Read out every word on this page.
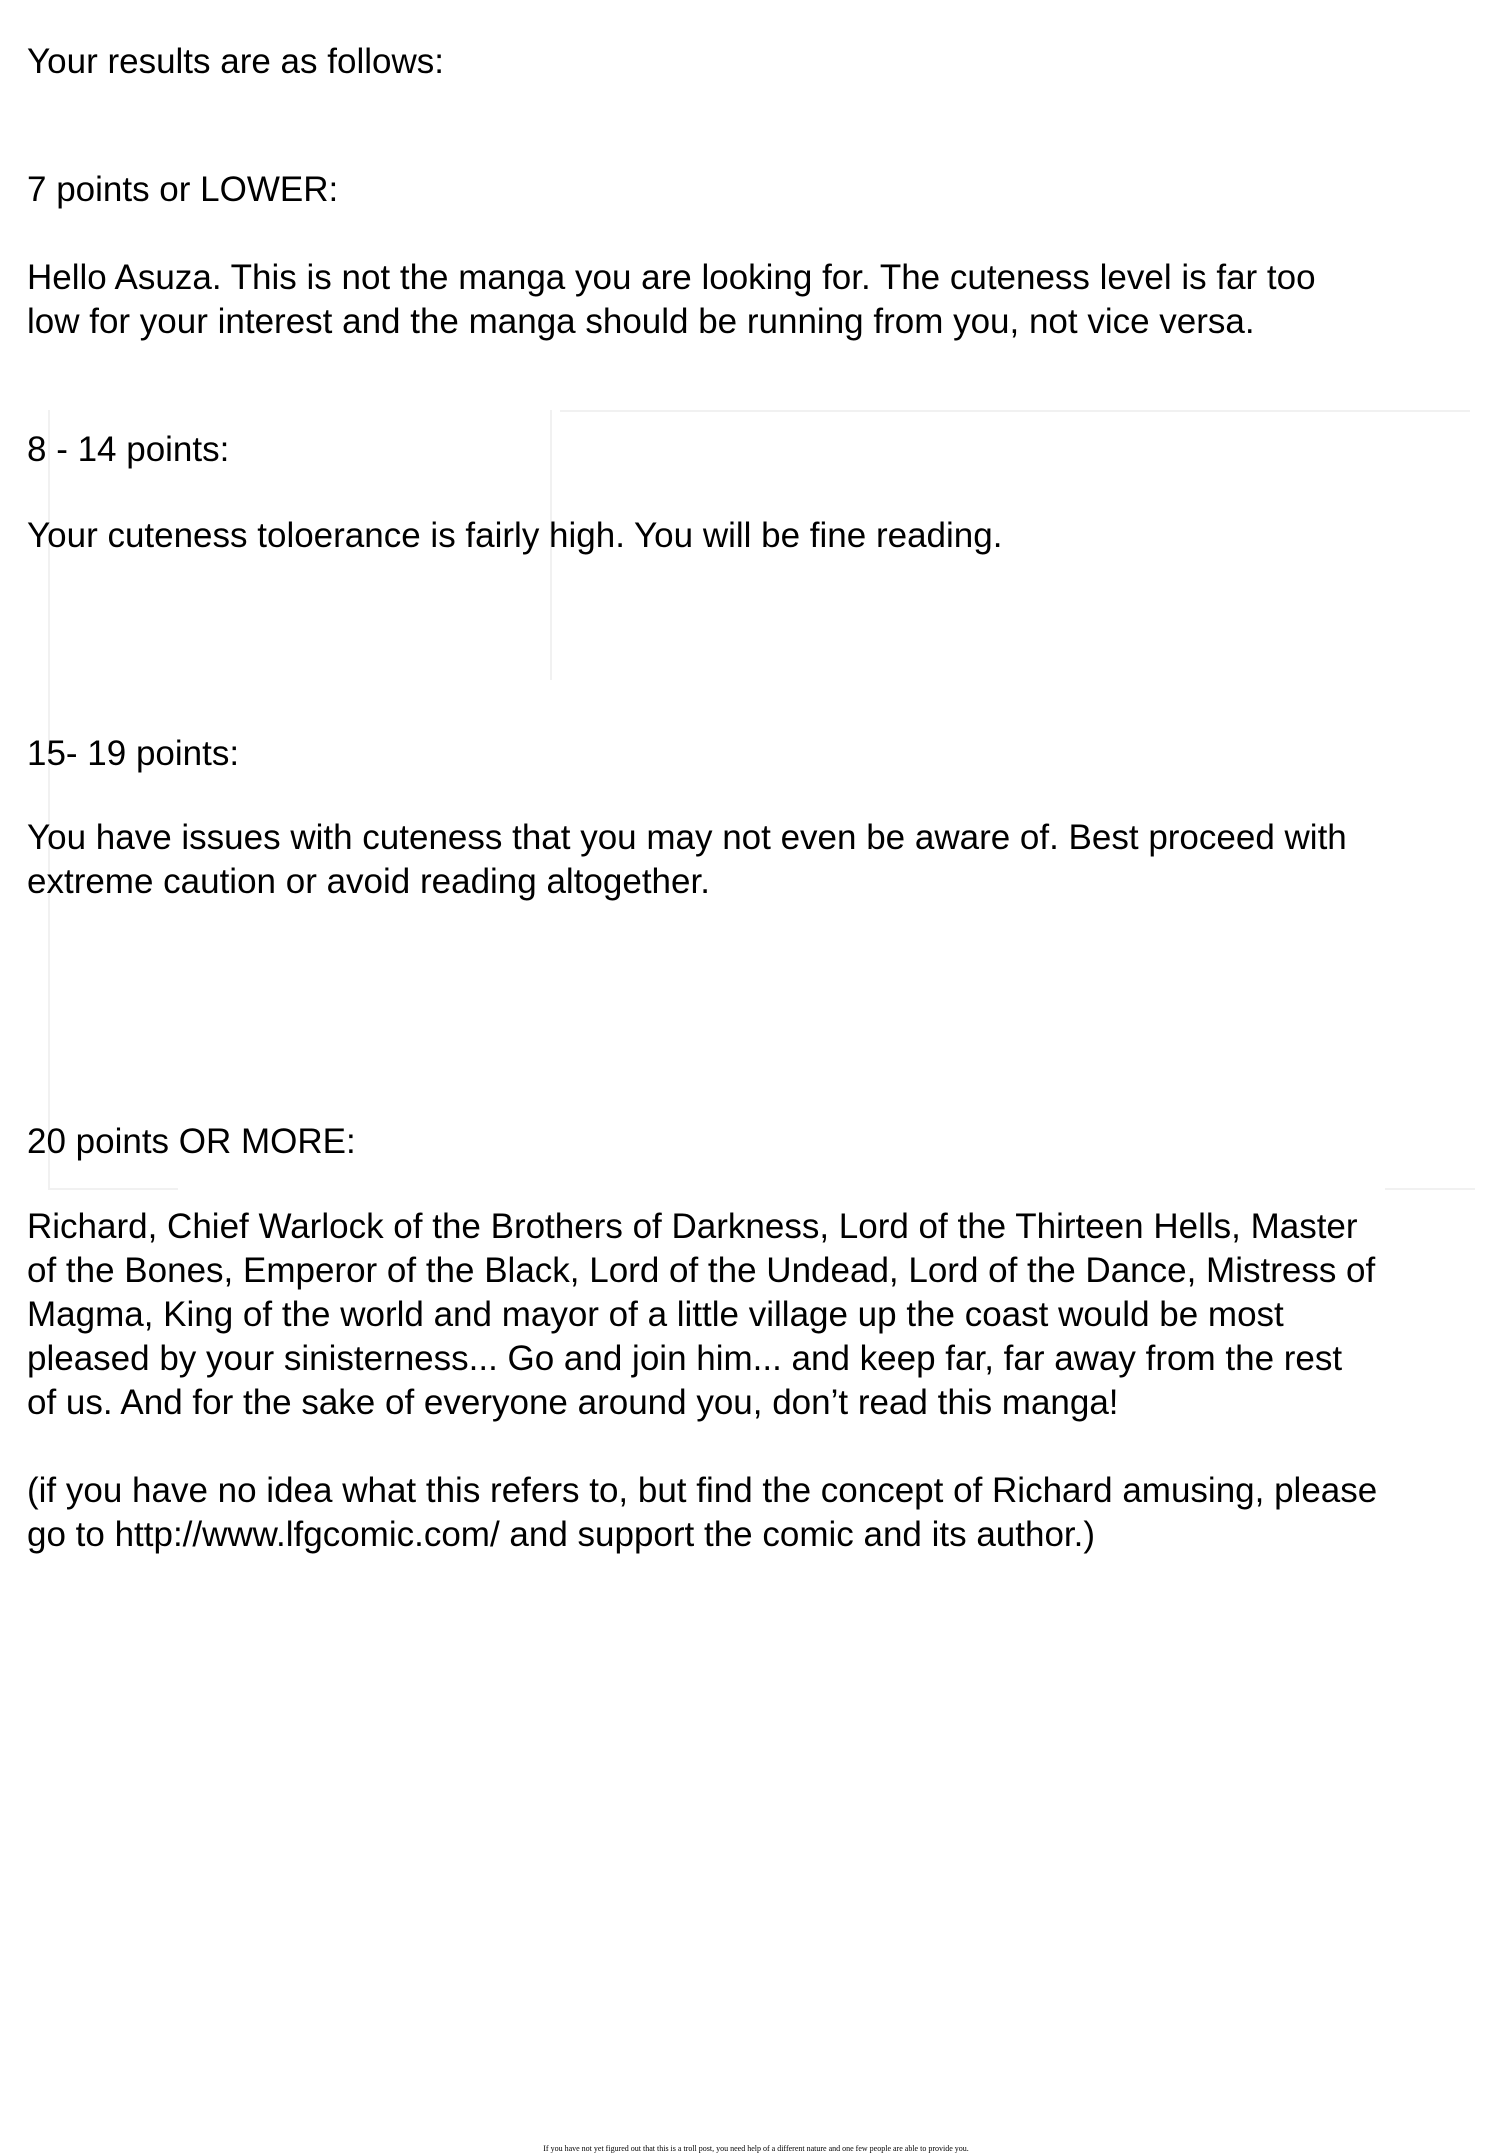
Your results are as follows:

7 points or LOWER:

Hello Asuza. This is not the manga you are looking for. The cuteness level is far too

low for your interest and the manga should be running from you, not vice versa.

8 - 14 points:

Your cuteness toloerance is fairly high. You will be fine reading.

15- 19 points:

You have issues with cuteness that you may not even be aware of. Best proceed with

extreme caution or avoid reading altogether.

20 points OR MORE:

Richard, Chief Warlock of the Brothers of Darkness, Lord of the Thirteen Hells, Master

of the Bones, Emperor of the Black, Lord of the Undead, Lord of the Dance, Mistress of

Magma, King of the world and mayor of a little village up the coast would be most

pleased by your sinisterness... Go and join him... and keep far, far away from the rest

of us. And for the sake of everyone around you, don’t read this manga!

(if you have no idea what this refers to, but find the concept of Richard amusing, please

go to http://www.lfgcomic.com/ and support the comic and its author.)

If you have not yet figured out that this is a troll post, you need help of a different nature and one few people are able to provide you.
